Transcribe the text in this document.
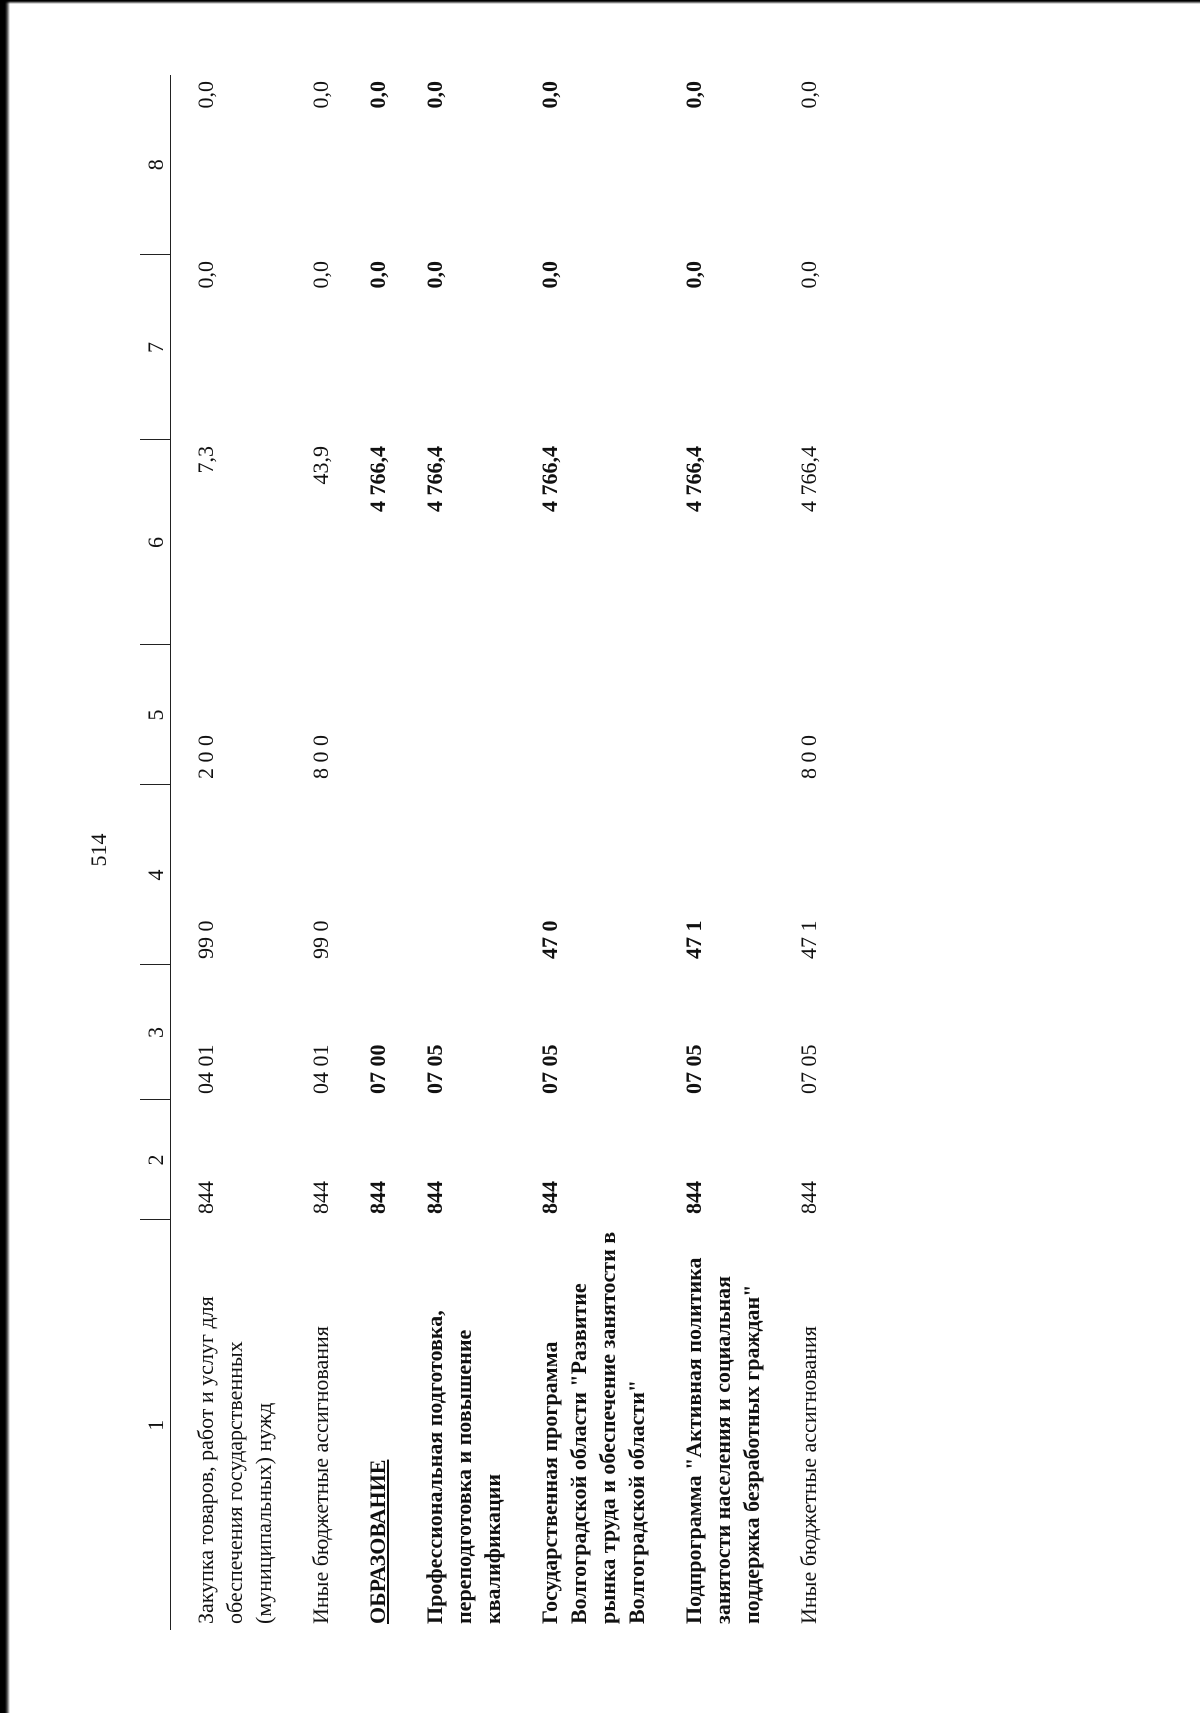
514
1	2	3	4	5	6	7	8
Закупка товаров, работ и услуг для обеспечения государственных (муниципальных) нужд	844	04 01	99 0	2 0 0	7,3	0,0	0,0
Иные бюджетные ассигнования	844	04 01	99 0	8 0 0	43,9	0,0	0,0
ОБРАЗОВАНИЕ	844	07 00			4 766,4	0,0	0,0
Профессиональная подготовка, переподготовка и повышение квалификации	844	07 05			4 766,4	0,0	0,0
Государственная программа Волгоградской области "Развитие рынка труда и обеспечение занятости в Волгоградской области"	844	07 05	47 0		4 766,4	0,0	0,0
Подпрограмма "Активная политика занятости населения и социальная поддержка безработных граждан"	844	07 05	47 1		4 766,4	0,0	0,0
Иные бюджетные ассигнования	844	07 05	47 1	8 0 0	4 766,4	0,0	0,0
